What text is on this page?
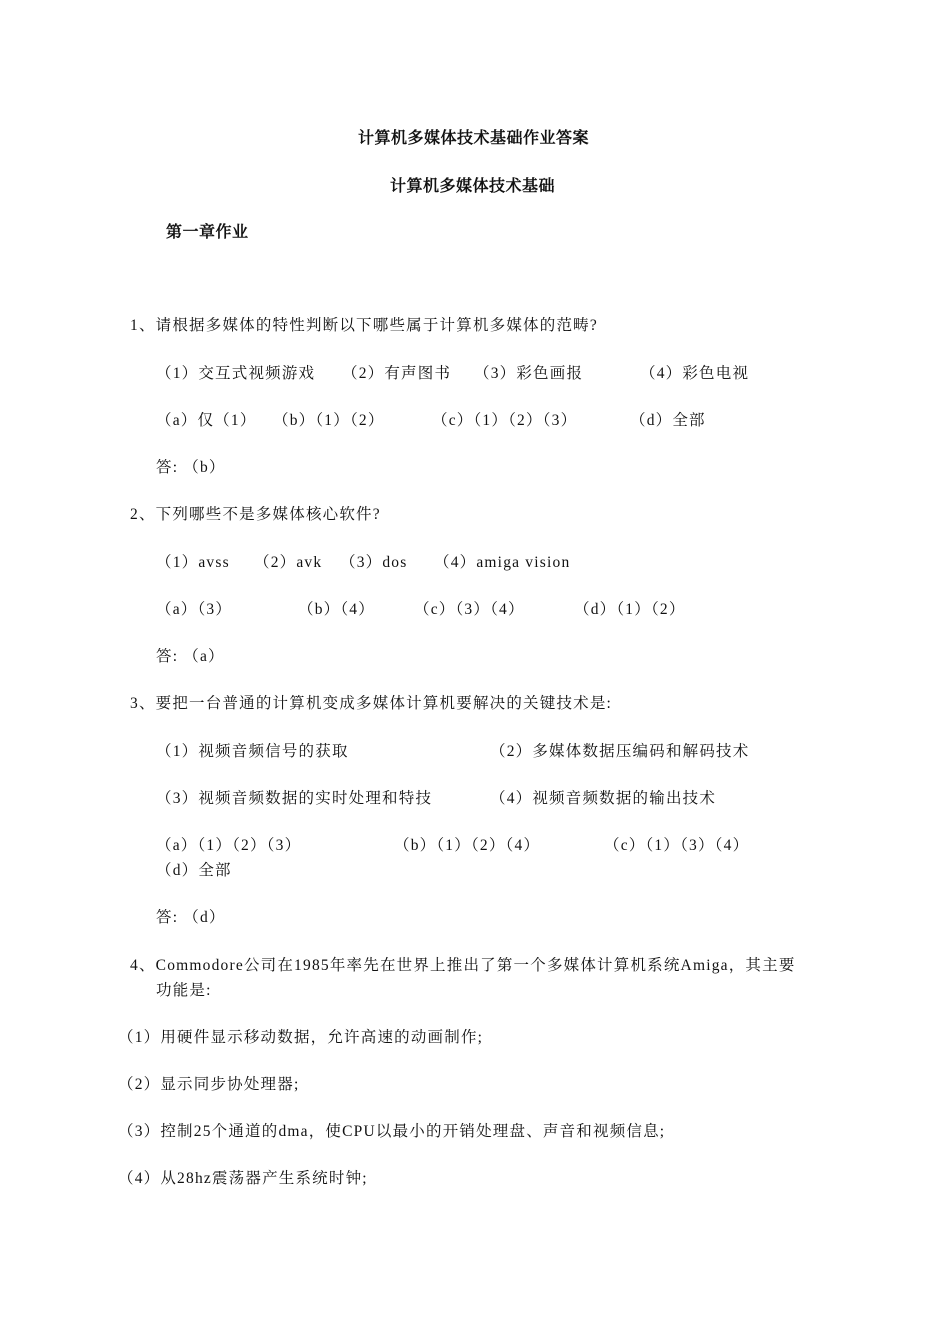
计算机多媒体技术基础作业答案
计算机多媒体技术基础
第一章作业
1、请根据多媒体的特性判断以下哪些属于计算机多媒体的范畴?
（1）交互式视频游戏 （2）有声图书 （3）彩色画报	（4）彩色电视
（a）仅（1） （b）（1）（2）	（c）（1）（2）（3）	（d）全部
答: （b）
2、下列哪些不是多媒体核心软件?
（1）avss （2）avk （3）dos （4）amiga vision
（a）（3）	（b）（4）	（c）（3）（4）	（d）（1）（2）
答: （a）
3、要把一台普通的计算机变成多媒体计算机要解决的关键技术是:
（1）视频音频信号的获取	（2）多媒体数据压编码和解码技术
（3）视频音频数据的实时处理和特技	（4）视频音频数据的输出技术
（a）（1）（2）（3）	（b）（1）（2）（4）	（c）（1）（3）（4）
（d）全部
答: （d）
4、Commodore公司在1985年率先在世界上推出了第一个多媒体计算机系统Amiga，其主要
功能是:
（1）用硬件显示移动数据，允许高速的动画制作;
（2）显示同步协处理器;
（3）控制25个通道的dma，使CPU以最小的开销处理盘、声音和视频信息;
（4）从28hz震荡器产生系统时钟;
